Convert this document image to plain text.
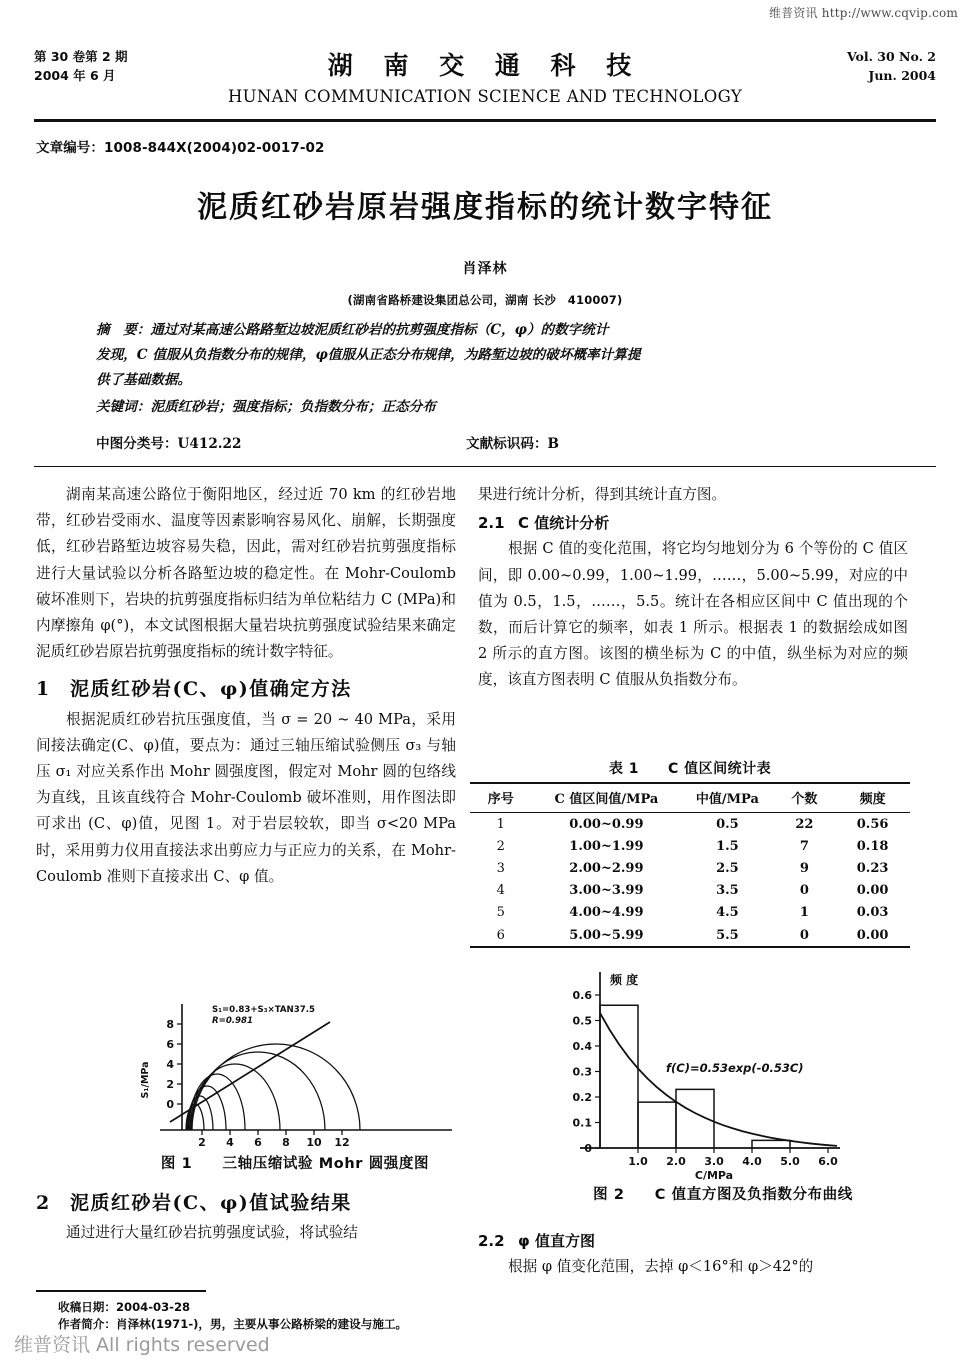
维普资讯 http://www.cqvip.com
维普资讯 All rights reserved
第 30 卷第 2 期
2004 年 6 月	湖 南 交 通 科 技
HUNAN COMMUNICATION SCIENCE AND TECHNOLOGY
Vol. 30 No. 2
Jun. 2004
文章编号：1008-844X(2004)02-0017-02
泥质红砂岩原岩强度指标的统计数字特征
肖泽林
(湖南省路桥建设集团总公司，湖南 长沙　410007)

摘　要：通过对某高速公路路堑边坡泥质红砂岩的抗剪强度指标（C，φ）的数字统计

发现，C 值服从负指数分布的规律，φ值服从正态分布规律，为路堑边坡的破坏概率计算提

供了基础数据。

关键词：泥质红砂岩；强度指标；负指数分布；正态分布

中图分类号：U412.22	文献标识码：B

湖南某高速公路位于衡阳地区，经过近 70 km 的红砂岩地带，红砂岩受雨水、温度等因素影响容易风化、崩解，长期强度低，红砂岩路堑边坡容易失稳，因此，需对红砂岩抗剪强度指标进行大量试验以分析各路堑边坡的稳定性。在 Mohr-Coulomb 破坏准则下，岩块的抗剪强度指标归结为单位粘结力 C (MPa)和内摩擦角 φ(°)，本文试图根据大量岩块抗剪强度试验结果来确定泥质红砂岩原岩抗剪强度指标的统计数字特征。

1 泥质红砂岩(C、φ)值确定方法

根据泥质红砂岩抗压强度值，当 σ = 20 ~ 40 MPa，采用间接法确定(C、φ)值，要点为：通过三轴压缩试验侧压 σ₃ 与轴压 σ₁ 对应关系作出 Mohr 圆强度图，假定对 Mohr 圆的包络线为直线，且该直线符合 Mohr-Coulomb 破坏准则，用作图法即可求出 (C、φ)值，见图 1。对于岩层较软，即当 σ<20 MPa 时，采用剪力仪用直接法求出剪应力与正应力的关系，在 Mohr-Coulomb 准则下直接求出 C、φ 值。

0
2
4
6
8
2 4 6 8 10 12
S₁=0.83+S₃×TAN37.5
R=0.981
S₁/MPa
图 1　　三轴压缩试验 Mohr 圆强度图
2 泥质红砂岩(C、φ)值试验结果

通过进行大量红砂岩抗剪强度试验，将试验结

果进行统计分析，得到其统计直方图。

2.1 C 值统计分析

根据 C 值的变化范围，将它均匀地划分为 6 个等份的 C 值区间，即 0.00~0.99，1.00~1.99，……，5.00~5.99，对应的中值为 0.5，1.5，……，5.5。统计在各相应区间中 C 值出现的个数，而后计算它的频率，如表 1 所示。根据表 1 的数据绘成如图 2 所示的直方图。该图的横坐标为 C 的中值，纵坐标为对应的频度，该直方图表明 C 值服从负指数分布。

表 1　　C 值区间统计表
序号	C 值区间值/MPa	中值/MPa	个数	频度
1	0.00~0.99	0.5	22	0.56
2	1.00~1.99	1.5	7	0.18
3	2.00~2.99	2.5	9	0.23
4	3.00~3.99	3.5	0	0.00
5	4.00~4.99	4.5	1	0.03
6	5.00~5.99	5.5	0	0.00
0
0.1
0.2
0.3
0.4
0.5
0.6
1.0 2.0 3.0 4.0 5.0 6.0
f(C)=0.53exp(-0.53C)
频 度
C/MPa
图 2　　C 值直方图及负指数分布曲线
2.2 φ 值直方图

根据 φ 值变化范围，去掉 φ＜16°和 φ＞42°的

收稿日期：2004-03-28
作者简介：肖泽林(1971-)，男，主要从事公路桥梁的建设与施工。
